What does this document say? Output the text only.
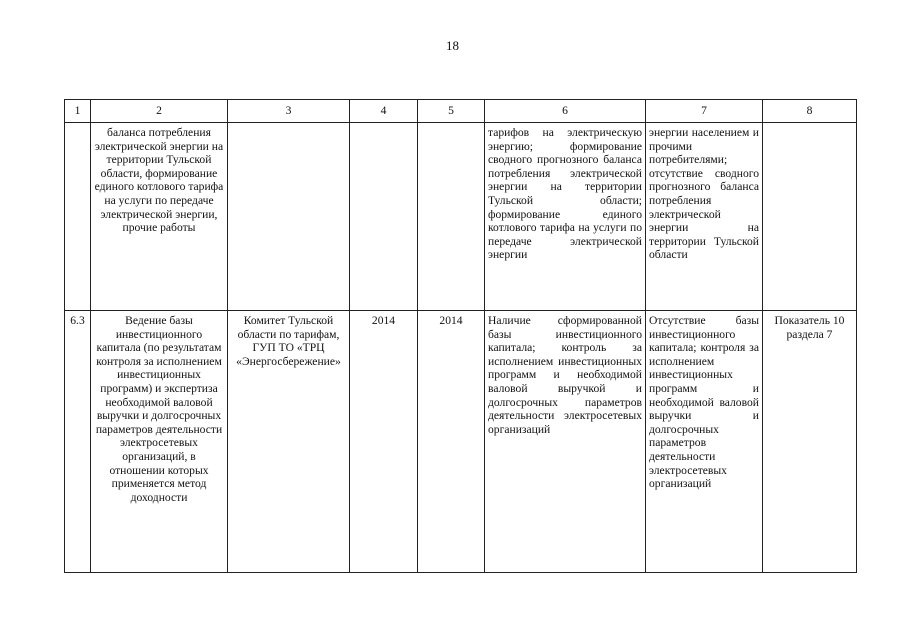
18
1	2	3	4	5	6	7	8
	баланса потребления электрической энергии на территории Тульской области, формирование единого котлового тарифа на услуги по передаче электрической энергии, прочие работы				тарифов на электрическую энергию; формирование сводного прогнозного баланса потребления электрической энергии на территории Тульской области; формирование единого котлового тарифа на услуги по передаче электрической энергии	энергии населением и прочими потребителями; отсутствие сводного прогнозного баланса потребления электрической энергии на территории Тульской области	
6.3	Ведение базы инвестиционного капитала (по результатам контроля за исполнением инвестиционных программ) и экспертиза необходимой валовой выручки и долгосрочных параметров деятельности электросетевых организаций, в отношении которых применяется метод доходности	Комитет Тульской области по тарифам, ГУП ТО «ТРЦ «Энергосбережение»	2014	2014	Наличие сформированной базы инвестиционного капитала; контроль за исполнением инвестиционных программ и необходимой валовой выручкой и долгосрочных параметров деятельности электросетевых организаций	Отсутствие базы инвестиционного капитала; контроля за исполнением инвестиционных программ и необходимой валовой выручки и долгосрочных параметров деятельности электросетевых организаций	Показатель 10 раздела 7
